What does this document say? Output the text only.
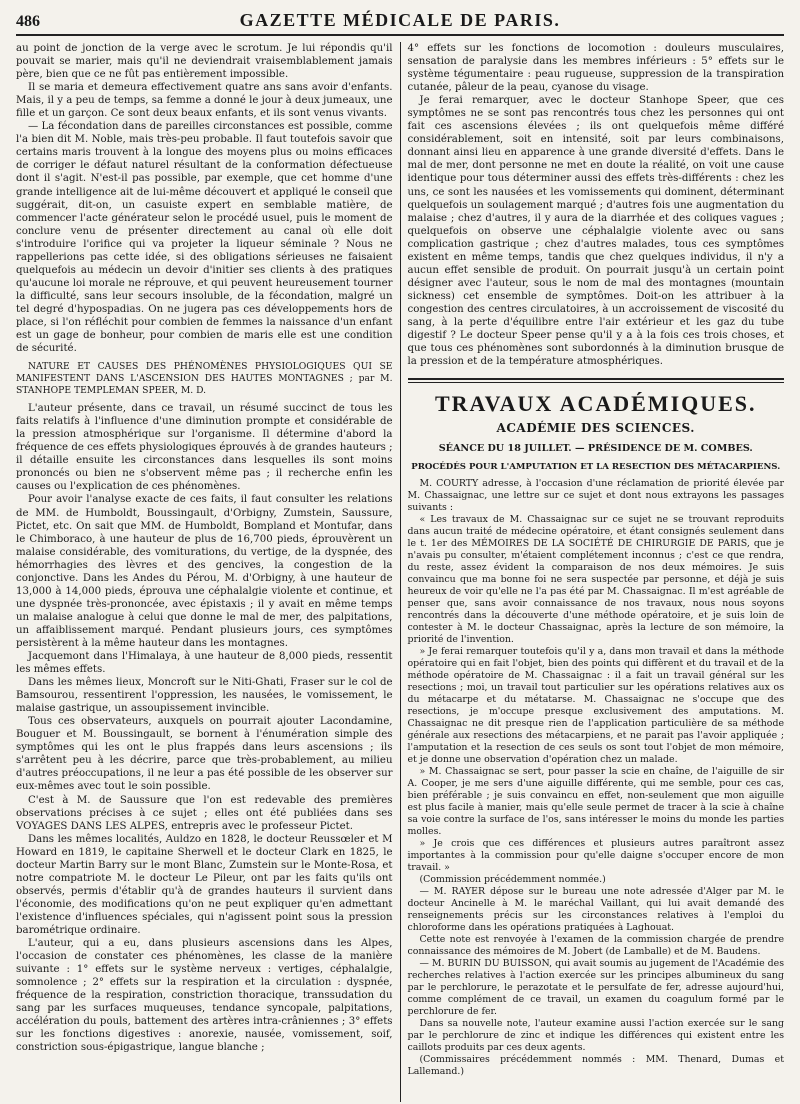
486	GAZETTE MÉDICALE DE PARIS.

au point de jonction de la verge avec le scrotum. Je lui répondis qu'il pouvait se marier, mais qu'il ne deviendrait vraisemblablement jamais père, bien que ce ne fût pas entièrement impossible.

Il se maria et demeura effectivement quatre ans sans avoir d'enfants. Mais, il y a peu de temps, sa femme a donné le jour à deux jumeaux, une fille et un garçon. Ce sont deux beaux enfants, et ils sont venus vivants.

— La fécondation dans de pareilles circonstances est possible, comme l'a bien dit M. Noble, mais très-peu probable. Il faut toutefois savoir que certains maris trouvent à la longue des moyens plus ou moins efficaces de corriger le défaut naturel résultant de la conformation défectueuse dont il s'agit. N'est-il pas possible, par exemple, que cet homme d'une grande intelligence ait de lui-même découvert et appliqué le conseil que suggérait, dit-on, un casuiste expert en semblable matière, de commencer l'acte générateur selon le procédé usuel, puis le moment de conclure venu de présenter directement au canal où elle doit s'introduire l'orifice qui va projeter la liqueur séminale ? Nous ne rappellerions pas cette idée, si des obligations sérieuses ne faisaient quelquefois au médecin un devoir d'initier ses clients à des pratiques qu'aucune loi morale ne réprouve, et qui peuvent heureusement tourner la difficulté, sans leur secours insoluble, de la fécondation, malgré un tel degré d'hypospadias. On ne jugera pas ces développements hors de place, si l'on réfléchit pour combien de femmes la naissance d'un enfant est un gage de bonheur, pour combien de maris elle est une condition de sécurité.

NATURE ET CAUSES DES PHÉNOMÈNES PHYSIOLOGIQUES QUI SE MANIFESTENT DANS L'ASCENSION DES HAUTES MONTAGNES ; par M. STANHOPE TEMPLEMAN SPEER, M. D.

L'auteur présente, dans ce travail, un résumé succinct de tous les faits relatifs à l'influence d'une diminution prompte et considérable de la pression atmosphérique sur l'organisme. Il détermine d'abord la fréquence de ces effets physiologiques éprouvés à de grandes hauteurs ; il détaille ensuite les circonstances dans lesquelles ils sont moins prononcés ou bien ne s'observent même pas ; il recherche enfin les causes ou l'explication de ces phénomènes.

Pour avoir l'analyse exacte de ces faits, il faut consulter les relations de MM. de Humboldt, Boussingault, d'Orbigny, Zumstein, Saussure, Pictet, etc. On sait que MM. de Humboldt, Bompland et Montufar, dans le Chimboraco, à une hauteur de plus de 16,700 pieds, éprouvèrent un malaise considérable, des vomiturations, du vertige, de la dyspnée, des hémorrhagies des lèvres et des gencives, la congestion de la conjonctive. Dans les Andes du Pérou, M. d'Orbigny, à une hauteur de 13,000 à 14,000 pieds, éprouva une céphalalgie violente et continue, et une dyspnée très-prononcée, avec épistaxis ; il y avait en même temps un malaise analogue à celui que donne le mal de mer, des palpitations, un affaiblissement marqué. Pendant plusieurs jours, ces symptômes persistèrent à la même hauteur dans les montagnes.

Jacquemont dans l'Himalaya, à une hauteur de 8,000 pieds, ressentit les mêmes effets.

Dans les mêmes lieux, Moncroft sur le Niti-Ghati, Fraser sur le col de Bamsourou, ressentirent l'oppression, les nausées, le vomissement, le malaise gastrique, un assoupissement invincible.

Tous ces observateurs, auxquels on pourrait ajouter Lacondamine, Bouguer et M. Boussingault, se bornent à l'énumération simple des symptômes qui les ont le plus frappés dans leurs ascensions ; ils s'arrêtent peu à les décrire, parce que très-probablement, au milieu d'autres préoccupations, il ne leur a pas été possible de les observer sur eux-mêmes avec tout le soin possible.

C'est à M. de Saussure que l'on est redevable des premières observations précises à ce sujet ; elles ont été publiées dans ses VOYAGES DANS LES ALPES, entrepris avec le professeur Pictet.

Dans les mêmes localités, Auldzo en 1828, le docteur Reussœler et M Howard en 1819, le capitaine Sherwell et le docteur Clark en 1825, le docteur Martin Barry sur le mont Blanc, Zumstein sur le Monte-Rosa, et notre compatriote M. le docteur Le Pileur, ont par les faits qu'ils ont observés, permis d'établir qu'à de grandes hauteurs il survient dans l'économie, des modifications qu'on ne peut expliquer qu'en admettant l'existence d'influences spéciales, qui n'agissent point sous la pression barométrique ordinaire.

L'auteur, qui a eu, dans plusieurs ascensions dans les Alpes, l'occasion de constater ces phénomènes, les classe de la manière suivante : 1° effets sur le système nerveux : vertiges, céphalalgie, somnolence ; 2° effets sur la respiration et la circulation : dyspnée, fréquence de la respiration, constriction thoracique, transsudation du sang par les surfaces muqueuses, tendance syncopale, palpitations, accélération du pouls, battement des artères intra-crâniennes ; 3° effets sur les fonctions digestives : anorexie, nausée, vomissement, soif, constriction sous-épigastrique, langue blanche ;

4° effets sur les fonctions de locomotion : douleurs musculaires, sensation de paralysie dans les membres inférieurs : 5° effets sur le système tégumentaire : peau rugueuse, suppression de la transpiration cutanée, pâleur de la peau, cyanose du visage.

Je ferai remarquer, avec le docteur Stanhope Speer, que ces symptômes ne se sont pas rencontrés tous chez les personnes qui ont fait ces ascensions élevées ; ils ont quelquefois même différé considérablement, soit en intensité, soit par leurs combinaisons, donnant ainsi lieu en apparence à une grande diversité d'effets. Dans le mal de mer, dont personne ne met en doute la réalité, on voit une cause identique pour tous déterminer aussi des effets très-différents : chez les uns, ce sont les nausées et les vomissements qui dominent, déterminant quelquefois un soulagement marqué ; d'autres fois une augmentation du malaise ; chez d'autres, il y aura de la diarrhée et des coliques vagues ; quelquefois on observe une céphalalgie violente avec ou sans complication gastrique ; chez d'autres malades, tous ces symptômes existent en même temps, tandis que chez quelques individus, il n'y a aucun effet sensible de produit. On pourrait jusqu'à un certain point désigner avec l'auteur, sous le nom de mal des montagnes (mountain sickness) cet ensemble de symptômes. Doit-on les attribuer à la congestion des centres circulatoires, à un accroissement de viscosité du sang, à la perte d'équilibre entre l'air extérieur et les gaz du tube digestif ? Le docteur Speer pense qu'il y a à la fois ces trois choses, et que tous ces phénomènes sont subordonnés à la diminution brusque de la pression et de la température atmosphériques.

TRAVAUX ACADÉMIQUES.
ACADÉMIE DES SCIENCES.
SÉANCE DU 18 JUILLET. — PRÉSIDENCE DE M. COMBES.
PROCÉDÉS POUR L'AMPUTATION ET LA RESECTION DES MÉTACARPIENS.

M. COURTY adresse, à l'occasion d'une réclamation de priorité élevée par M. Chassaignac, une lettre sur ce sujet et dont nous extrayons les passages suivants :

« Les travaux de M. Chassaignac sur ce sujet ne se trouvant reproduits dans aucun traité de médecine opératoire, et étant consignés seulement dans le t. 1er des MÉMOIRES DE LA SOCIÉTÉ DE CHIRURGIE DE PARIS, que je n'avais pu consulter, m'étaient complétement inconnus ; c'est ce que rendra, du reste, assez évident la comparaison de nos deux mémoires. Je suis convaincu que ma bonne foi ne sera suspectée par personne, et déjà je suis heureux de voir qu'elle ne l'a pas été par M. Chassaignac. Il m'est agréable de penser que, sans avoir connaissance de nos travaux, nous nous soyons rencontrés dans la découverte d'une méthode opératoire, et je suis loin de contester à M. le docteur Chassaignac, après la lecture de son mémoire, la priorité de l'invention.

» Je ferai remarquer toutefois qu'il y a, dans mon travail et dans la méthode opératoire qui en fait l'objet, bien des points qui diffèrent et du travail et de la méthode opératoire de M. Chassaignac : il a fait un travail général sur les resections ; moi, un travail tout particulier sur les opérations relatives aux os du métacarpe et du métatarse. M. Chassaignac ne s'occupe que des resections, je m'occupe presque exclusivement des amputations. M. Chassaignac ne dit presque rien de l'application particulière de sa méthode générale aux resections des métacarpiens, et ne parait pas l'avoir appliquée ; l'amputation et la resection de ces seuls os sont tout l'objet de mon mémoire, et je donne une observation d'opération chez un malade.

» M. Chassaignac se sert, pour passer la scie en chaîne, de l'aiguille de sir A. Cooper, je me sers d'une aiguille différente, qui me semble, pour ces cas, bien préférable ; je suis convaincu en effet, non-seulement que mon aiguille est plus facile à manier, mais qu'elle seule permet de tracer à la scie à chaîne sa voie contre la surface de l'os, sans intéresser le moins du monde les parties molles.

» Je crois que ces différences et plusieurs autres paraîtront assez importantes à la commission pour qu'elle daigne s'occuper encore de mon travail. »

(Commission précédemment nommée.)

— M. RAYER dépose sur le bureau une note adressée d'Alger par M. le docteur Ancinelle à M. le maréchal Vaillant, qui lui avait demandé des renseignements précis sur les circonstances relatives à l'emploi du chloroforme dans les opérations pratiquées à Laghouat.

Cette note est renvoyée à l'examen de la commission chargée de prendre connaissance des mémoires de M. Jobert (de Lamballe) et de M. Baudens.

— M. BURIN DU BUISSON, qui avait soumis au jugement de l'Académie des recherches relatives à l'action exercée sur les principes albumineux du sang par le perchlorure, le perazotate et le persulfate de fer, adresse aujourd'hui, comme complément de ce travail, un examen du coagulum formé par le perchlorure de fer.

Dans sa nouvelle note, l'auteur examine aussi l'action exercée sur le sang par le perchlorure de zinc et indique les différences qui existent entre les caillots produits par ces deux agents.

(Commissaires précédemment nommés : MM. Thenard, Dumas et Lallemand.)
